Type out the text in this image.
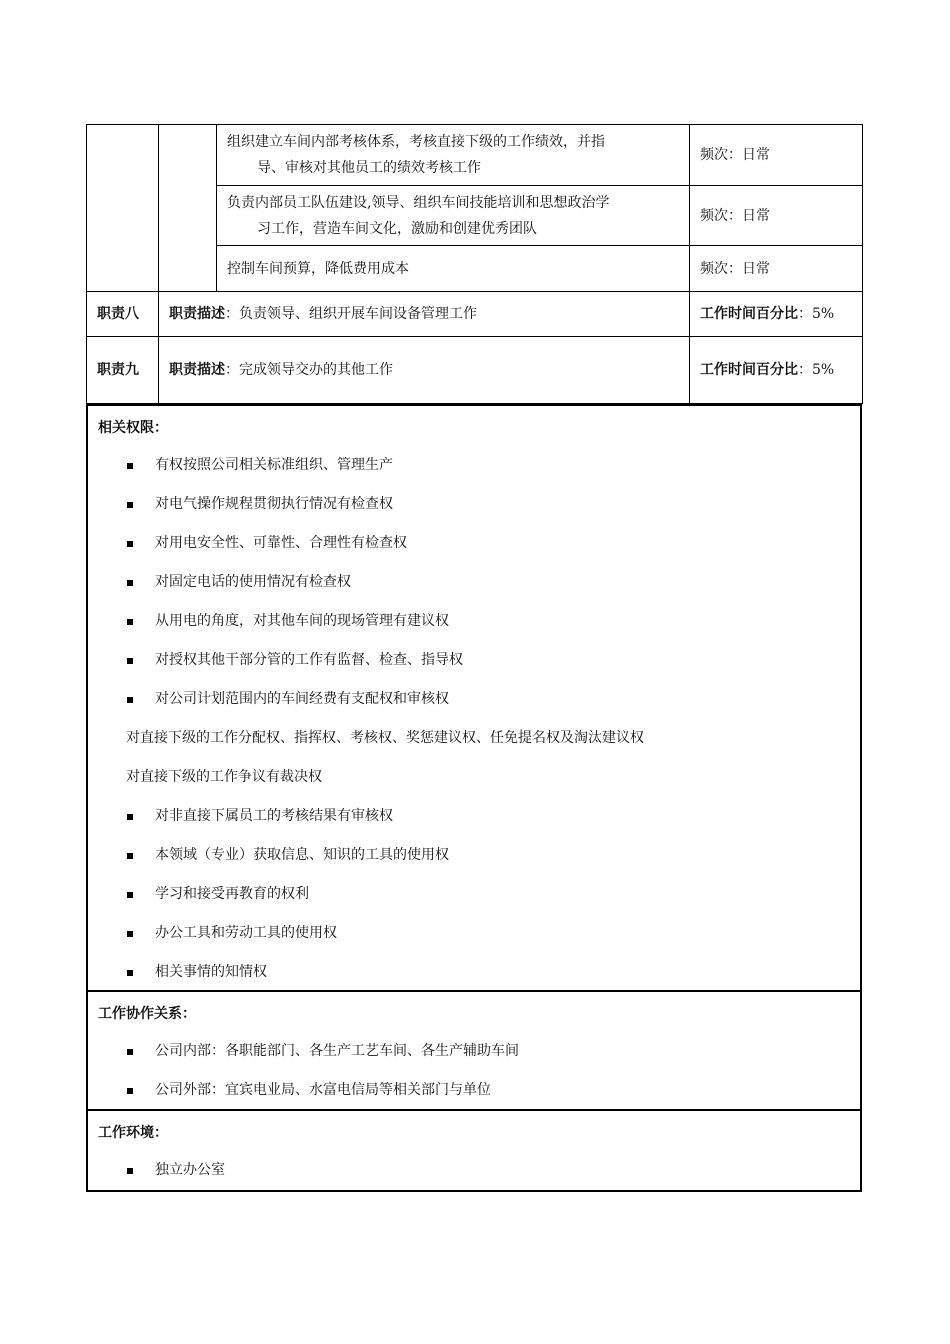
		组织建立车间内部考核体系，考核直接下级的工作绩效，并指
导、审核对其他员工的绩效考核工作	频次：日常
		负责内部员工队伍建设,领导、组织车间技能培训和思想政治学
习工作，营造车间文化，激励和创建优秀团队	频次：日常
		控制车间预算，降低费用成本	频次：日常
职责八	职责描述：负责领导、组织开展车间设备管理工作		工作时间百分比：5%
职责九	职责描述：完成领导交办的其他工作		工作时间百分比：5%
相关权限：
有权按照公司相关标准组织、管理生产
对电气操作规程贯彻执行情况有检查权
对用电安全性、可靠性、合理性有检查权
对固定电话的使用情况有检查权
从用电的角度，对其他车间的现场管理有建议权
对授权其他干部分管的工作有监督、检查、指导权
对公司计划范围内的车间经费有支配权和审核权
对直接下级的工作分配权、指挥权、考核权、奖惩建议权、任免提名权及淘汰建议权
对直接下级的工作争议有裁决权
对非直接下属员工的考核结果有审核权
本领域（专业）获取信息、知识的工具的使用权
学习和接受再教育的权利
办公工具和劳动工具的使用权
相关事情的知情权
工作协作关系：
公司内部：各职能部门、各生产工艺车间、各生产辅助车间
公司外部：宜宾电业局、水富电信局等相关部门与单位
工作环境：
独立办公室
